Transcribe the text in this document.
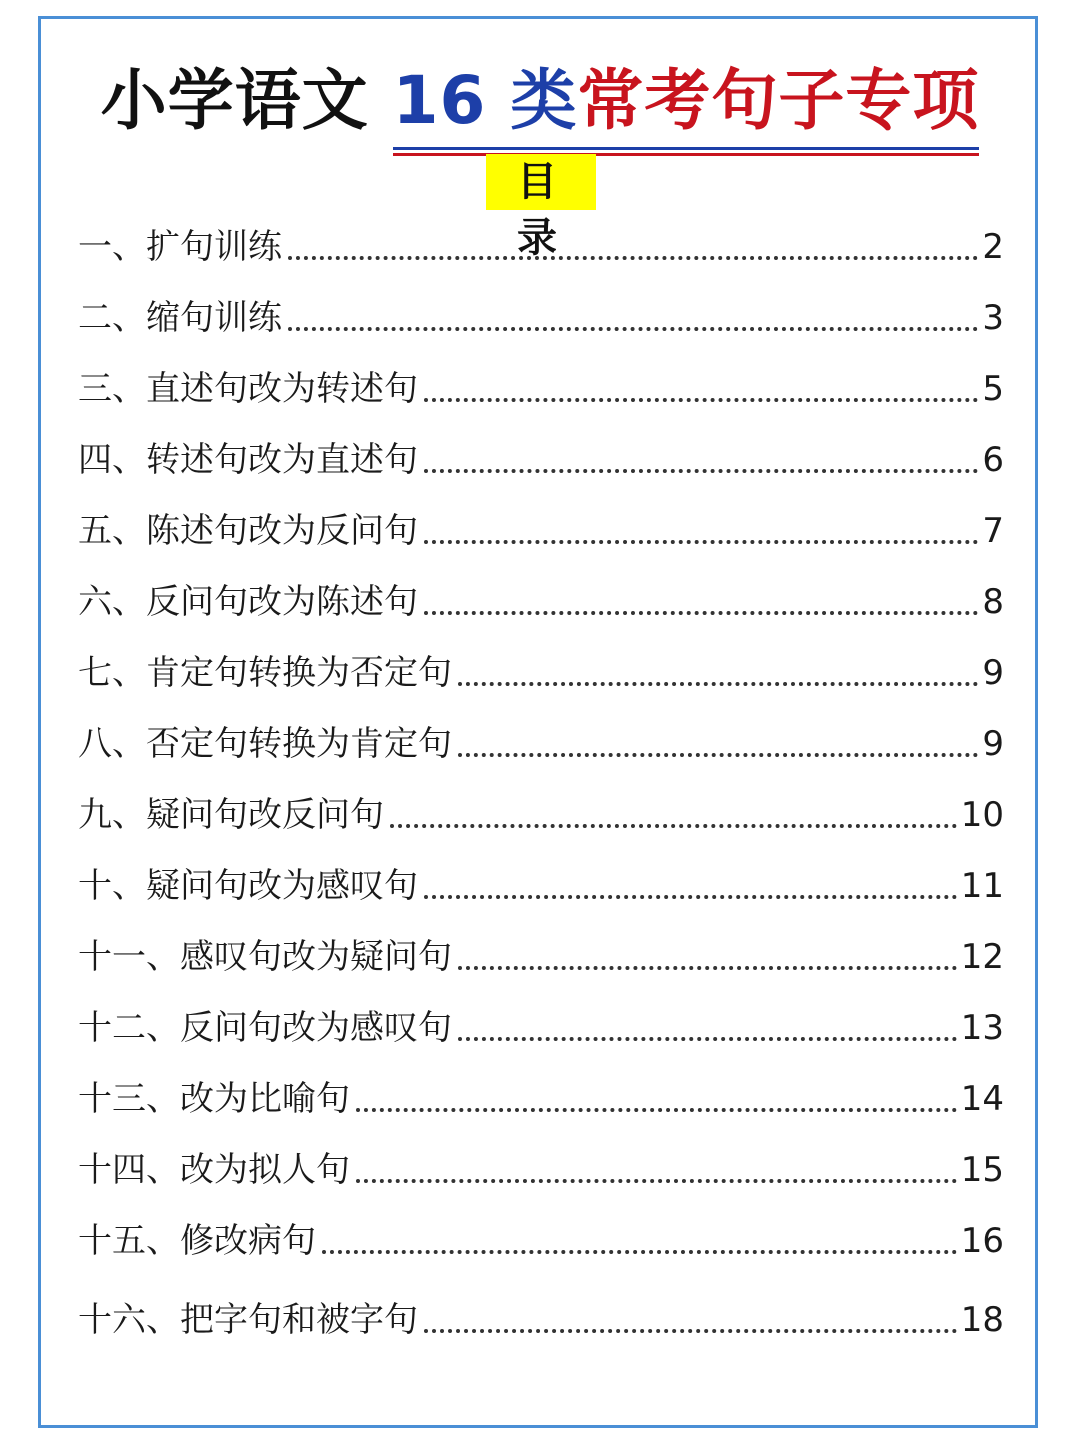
小学语文 16 类常考句子专项
目 录
一、扩句训练	2
二、缩句训练	3
三、直述句改为转述句	5
四、转述句改为直述句	6
五、陈述句改为反问句	7
六、反问句改为陈述句	8
七、肯定句转换为否定句	9
八、否定句转换为肯定句	9
九、疑问句改反问句	10
十、疑问句改为感叹句	11
十一、感叹句改为疑问句	12
十二、反问句改为感叹句	13
十三、改为比喻句	14
十四、改为拟人句	15
十五、修改病句	16
十六、把字句和被字句	18
